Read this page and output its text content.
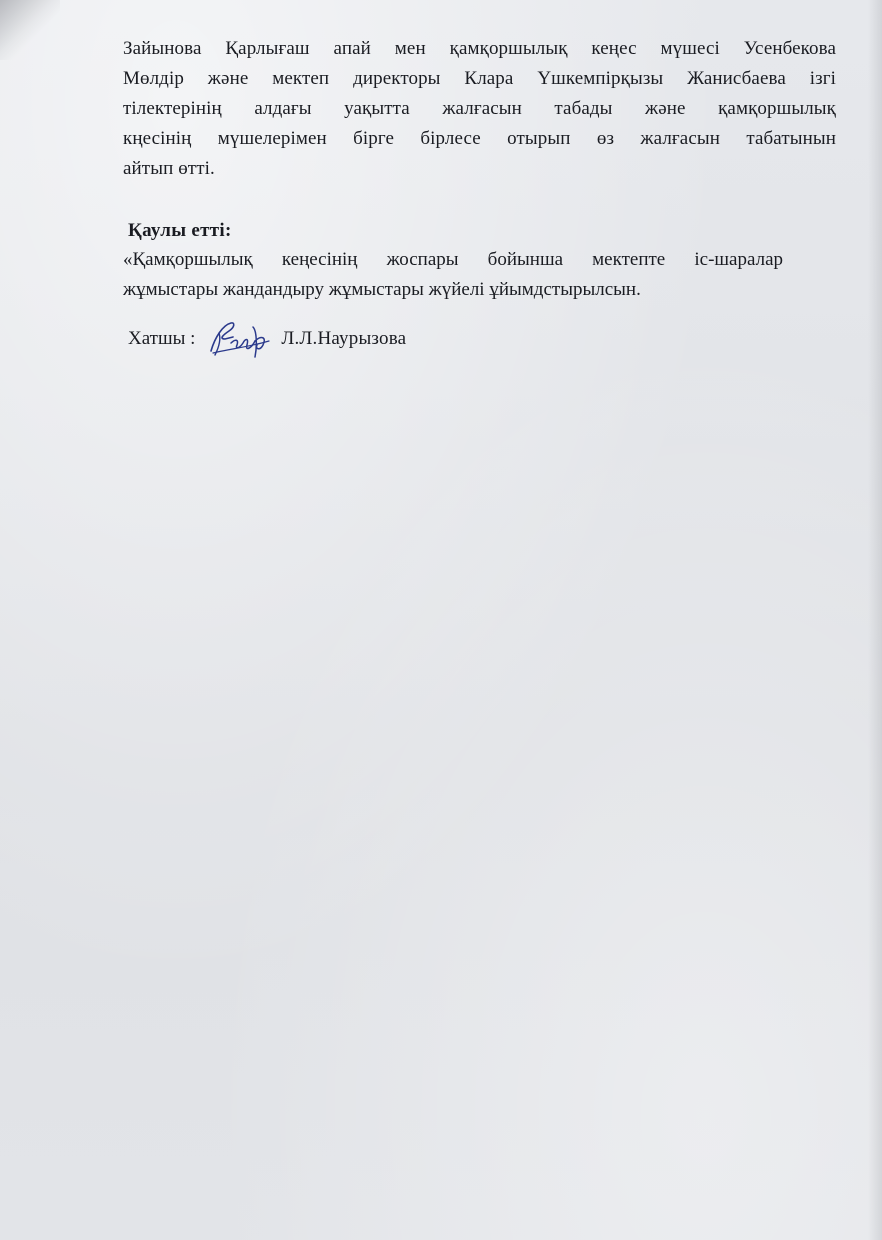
Зайынова Қарлығаш апай мен қамқоршылық кеңес мүшесі Усенбекова
Мөлдір және мектеп директоры Клара Үшкемпірқызы Жанисбаева ізгі
тілектерінің алдағы уақытта жалғасын табады және қамқоршылық
кңесінің мүшелерімен бірге бірлесе отырып өз жалғасын табатынын
айтып өтті.
Қаулы етті:
«Қамқоршылық кеңесінің жоспары бойынша мектепте іс-шаралар
жұмыстары жандандыру жұмыстары жүйелі ұйымдстырылсын.
Хатшы :	Л.Л.Наурызова
